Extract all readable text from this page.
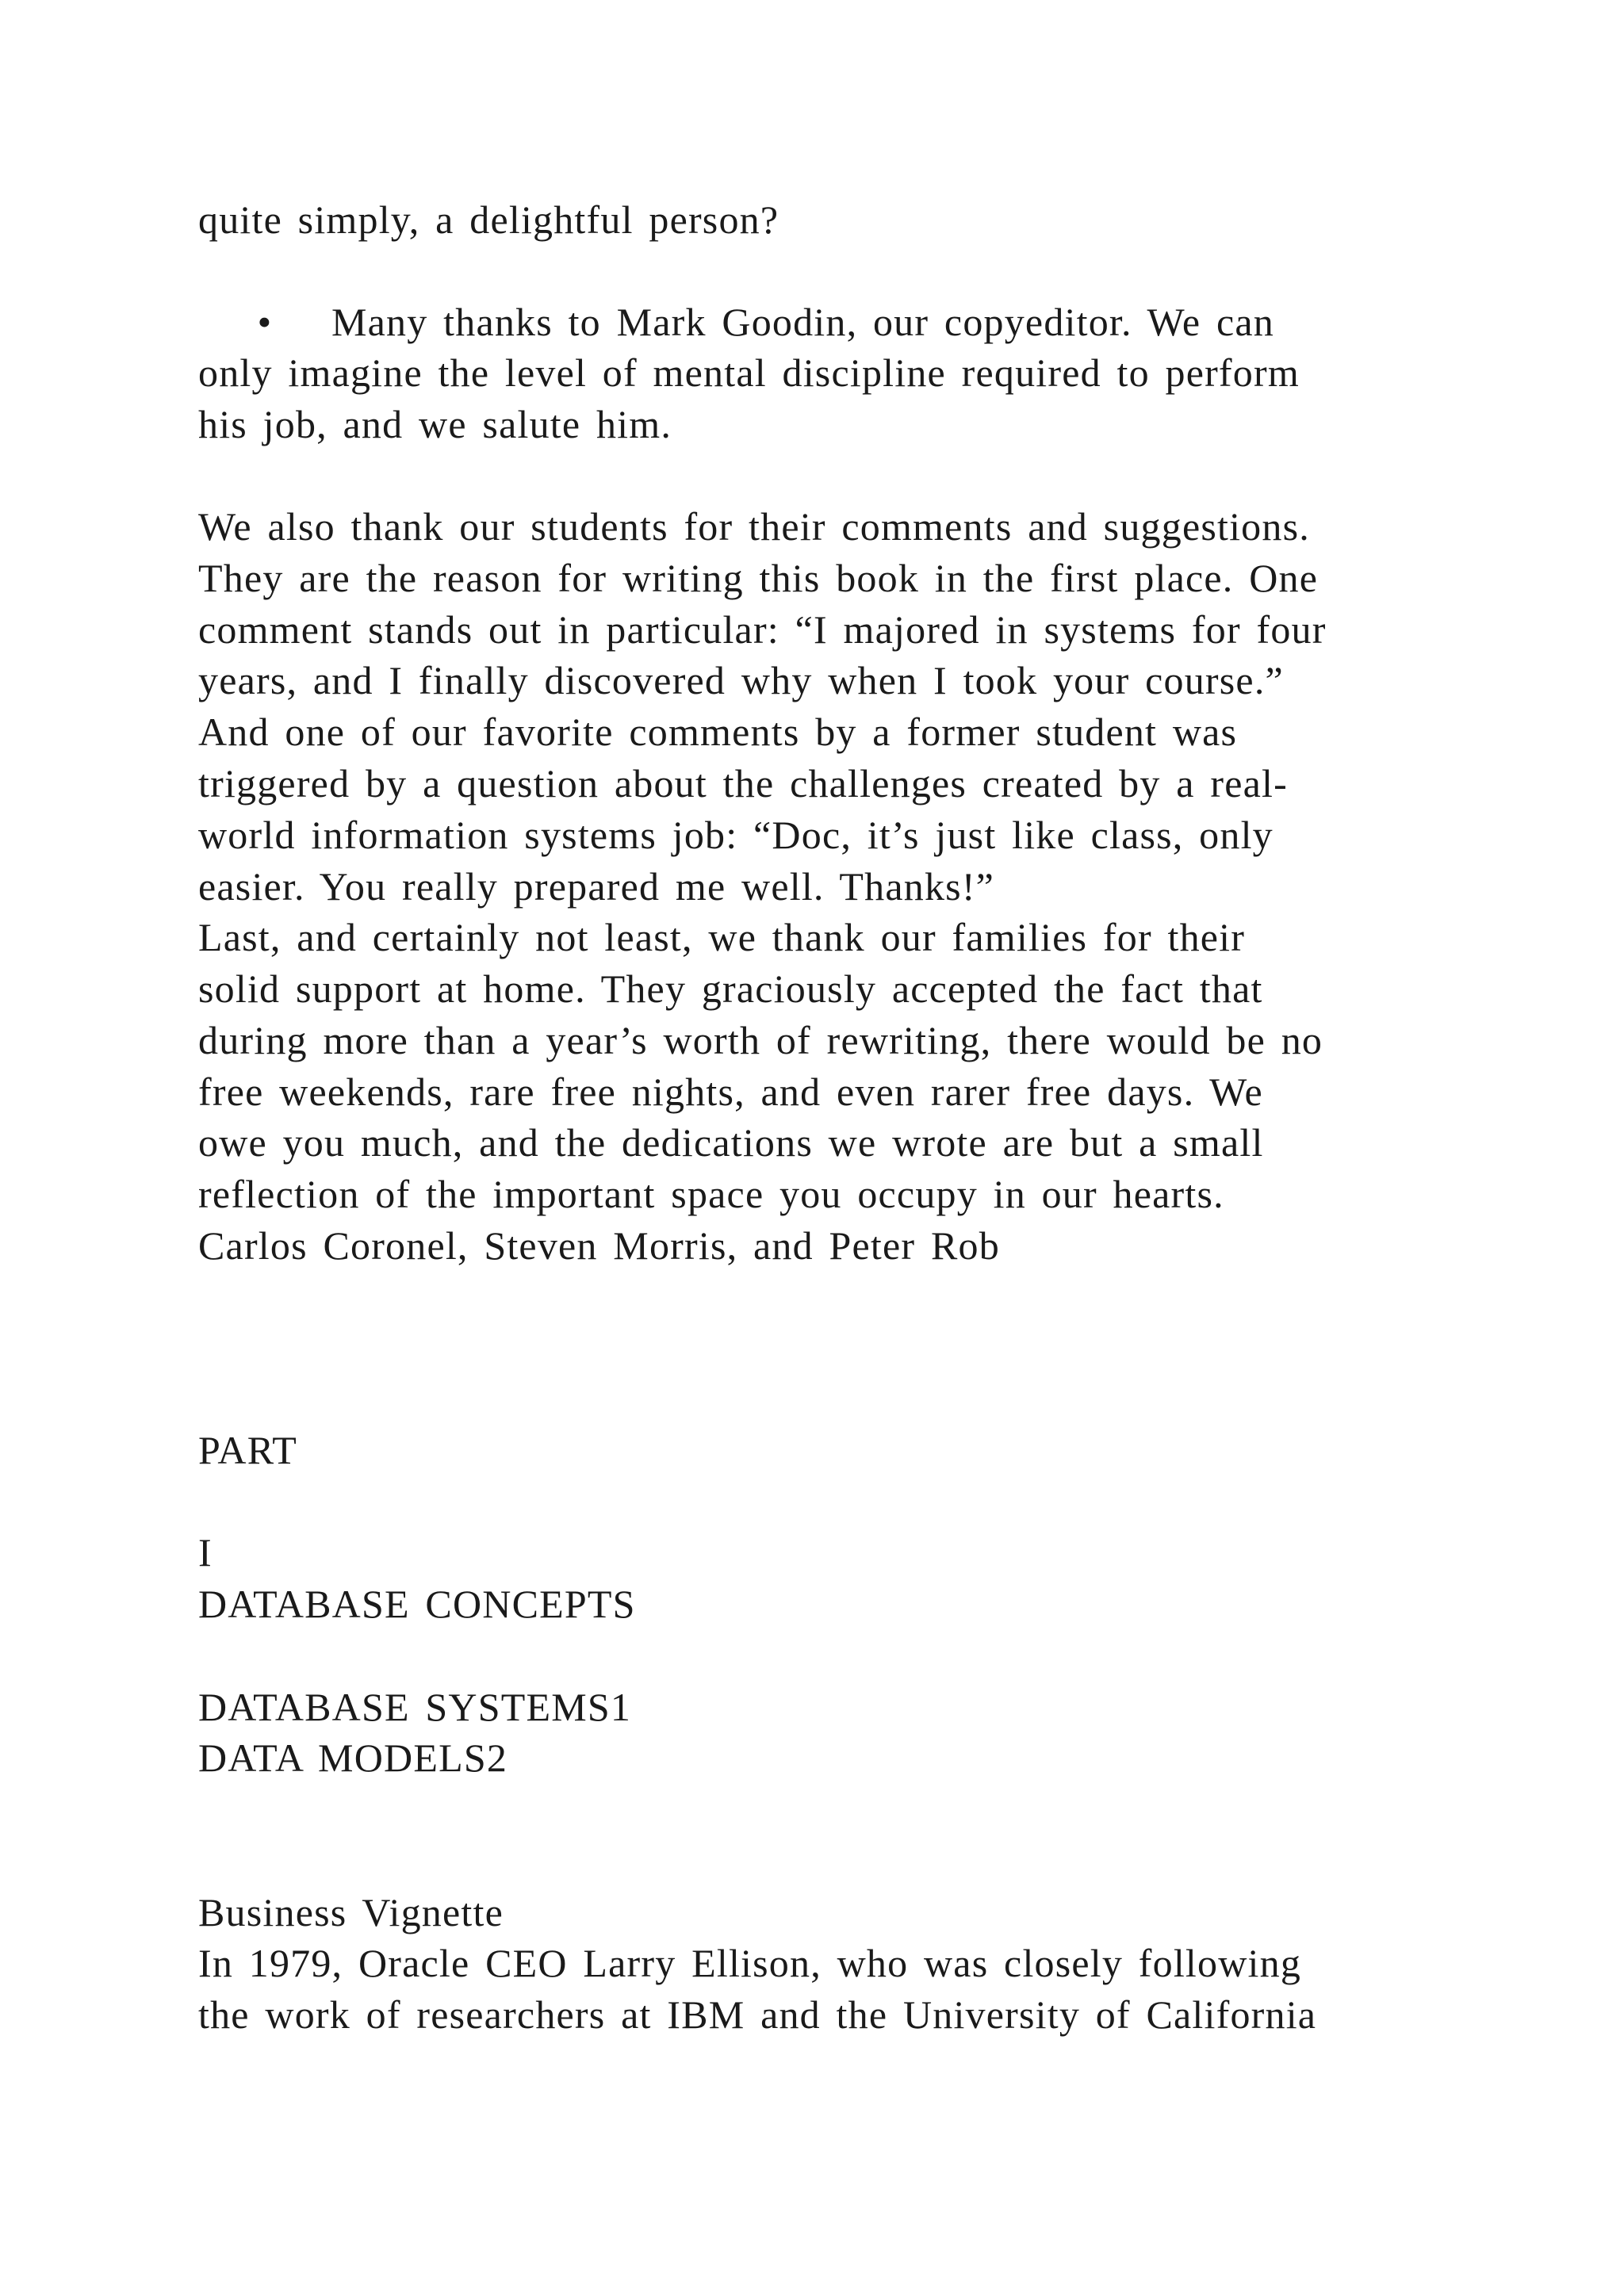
quite simply, a delightful person?
• Many thanks to Mark Goodin, our copyeditor. We can
only imagine the level of mental discipline required to perform
his job, and we salute him.
We also thank our students for their comments and suggestions.
They are the reason for writing this book in the first place. One
comment stands out in particular: “I majored in systems for four
years, and I finally discovered why when I took your course.”
And one of our favorite comments by a former student was
triggered by a question about the challenges created by a real-
world information systems job: “Doc, it’s just like class, only
easier. You really prepared me well. Thanks!”
Last, and certainly not least, we thank our families for their
solid support at home. They graciously accepted the fact that
during more than a year’s worth of rewriting, there would be no
free weekends, rare free nights, and even rarer free days. We
owe you much, and the dedications we wrote are but a small
reflection of the important space you occupy in our hearts.
Carlos Coronel, Steven Morris, and Peter Rob
PART
I
DATABASE CONCEPTS
DATABASE SYSTEMS1
DATA MODELS2
Business Vignette
In 1979, Oracle CEO Larry Ellison, who was closely following
the work of researchers at IBM and the University of California
